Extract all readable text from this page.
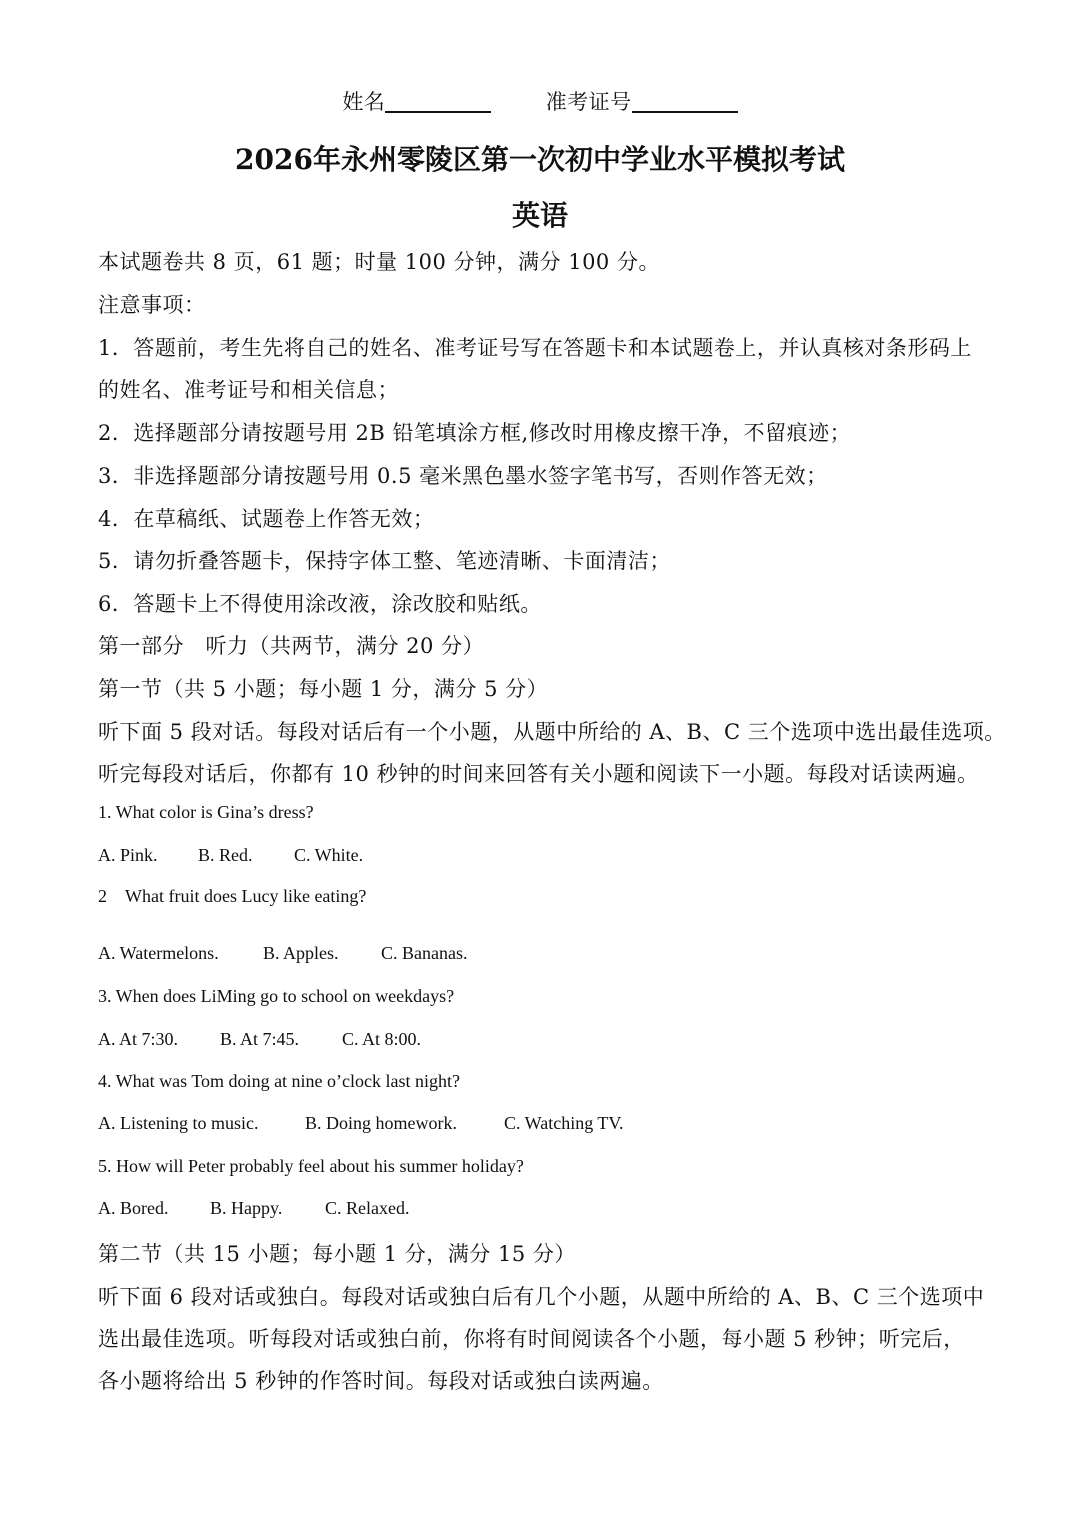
姓名	准考证号
2026年永州零陵区第一次初中学业水平模拟考试
英语
本试题卷共 8 页，61 题；时量 100 分钟，满分 100 分。
注意事项：
1．答题前，考生先将自己的姓名、准考证号写在答题卡和本试题卷上，并认真核对条形码上
的姓名、准考证号和相关信息；
2．选择题部分请按题号用 2B 铅笔填涂方框,修改时用橡皮擦干净，不留痕迹；
3．非选择题部分请按题号用 0.5 毫米黑色墨水签字笔书写，否则作答无效；
4．在草稿纸、试题卷上作答无效；
5．请勿折叠答题卡，保持字体工整、笔迹清晰、卡面清洁；
6．答题卡上不得使用涂改液，涂改胶和贴纸。
第一部分　听力（共两节，满分 20 分）
第一节（共 5 小题；每小题 1 分，满分 5 分）
听下面 5 段对话。每段对话后有一个小题，从题中所给的 A、B、C 三个选项中选出最佳选项。
听完每段对话后，你都有 10 秒钟的时间来回答有关小题和阅读下一小题。每段对话读两遍。
1. What color is Gina’s dress?
A. Pink. B. Red. C. White.
2 What fruit does Lucy like eating?
A. Watermelons. B. Apples. C. Bananas.
3. When does LiMing go to school on weekdays?
A. At 7:30. B. At 7:45. C. At 8:00.
4. What was Tom doing at nine o’clock last night?
A. Listening to music.	B. Doing homework.	C. Watching TV.
5. How will Peter probably feel about his summer holiday?
A. Bored. B. Happy. C. Relaxed.
第二节（共 15 小题；每小题 1 分，满分 15 分）
听下面 6 段对话或独白。每段对话或独白后有几个小题，从题中所给的 A、B、C 三个选项中
选出最佳选项。听每段对话或独白前，你将有时间阅读各个小题，每小题 5 秒钟；听完后，
各小题将给出 5 秒钟的作答时间。每段对话或独白读两遍。
